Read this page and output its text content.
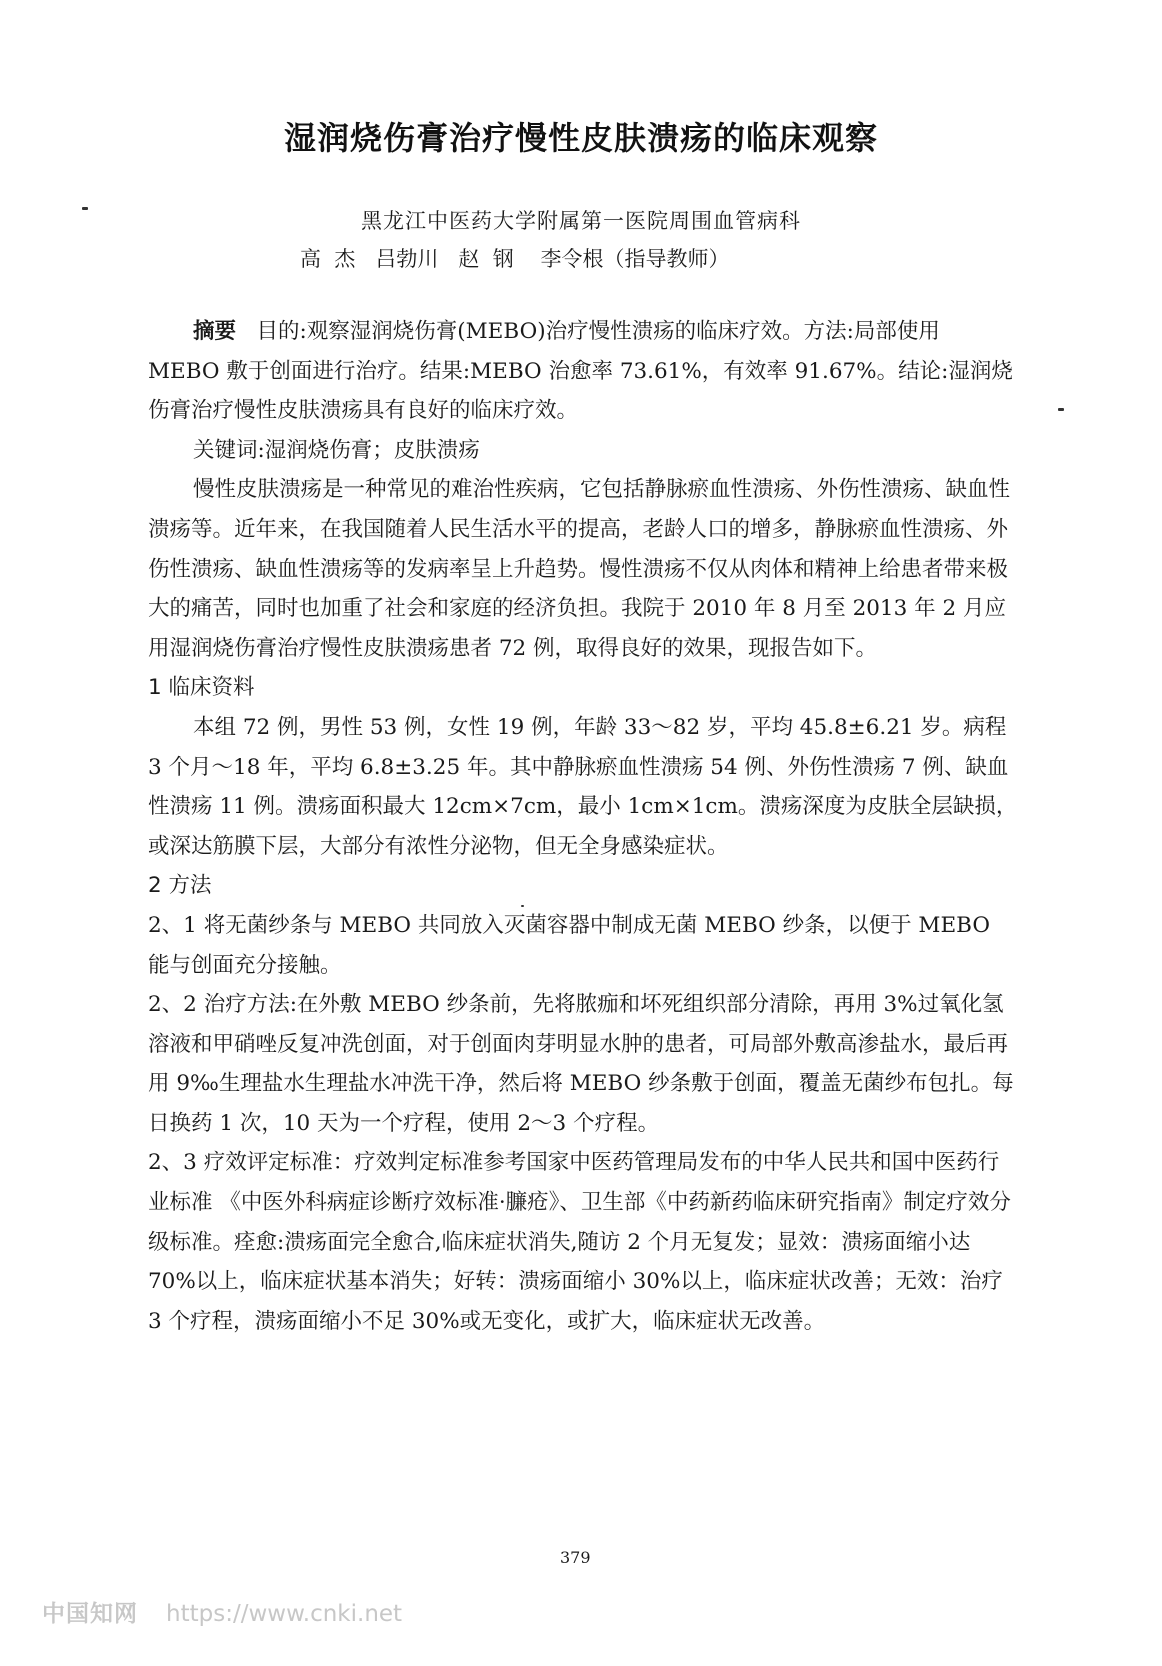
湿润烧伤膏治疗慢性皮肤溃疡的临床观察
黑龙江中医药大学附属第一医院周围血管病科
高  杰   吕勃川   赵  钢    李令根（指导教师）

摘要 目的:观察湿润烧伤膏(MEBO)治疗慢性溃疡的临床疗效。方法:局部使用 MEBO 敷于创面进行治疗。结果:MEBO 治愈率 73.61%，有效率 91.67%。结论:湿润烧伤膏治疗慢性皮肤溃疡具有良好的临床疗效。

关键词:湿润烧伤膏；皮肤溃疡

慢性皮肤溃疡是一种常见的难治性疾病，它包括静脉瘀血性溃疡、外伤性溃疡、缺血性溃疡等。近年来，在我国随着人民生活水平的提高，老龄人口的增多，静脉瘀血性溃疡、外伤性溃疡、缺血性溃疡等的发病率呈上升趋势。慢性溃疡不仅从肉体和精神上给患者带来极大的痛苦，同时也加重了社会和家庭的经济负担。我院于 2010 年 8 月至 2013 年 2 月应用湿润烧伤膏治疗慢性皮肤溃疡患者 72 例，取得良好的效果，现报告如下。

1 临床资料

本组 72 例，男性 53 例，女性 19 例，年龄 33～82 岁，平均 45.8±6.21 岁。病程 3 个月～18 年，平均 6.8±3.25 年。其中静脉瘀血性溃疡 54 例、外伤性溃疡 7 例、缺血性溃疡 11 例。溃疡面积最大 12cm×7cm，最小 1cm×1cm。溃疡深度为皮肤全层缺损，或深达筋膜下层，大部分有浓性分泌物，但无全身感染症状。

2 方法

2、1 将无菌纱条与 MEBO 共同放入灭菌容器中制成无菌 MEBO 纱条，以便于 MEBO 能与创面充分接触。

2、2 治疗方法:在外敷 MEBO 纱条前，先将脓痂和坏死组织部分清除，再用 3%过氧化氢溶液和甲硝唑反复冲洗创面，对于创面肉芽明显水肿的患者，可局部外敷高渗盐水，最后再用 9‰生理盐水生理盐水冲洗干净，然后将 MEBO 纱条敷于创面，覆盖无菌纱布包扎。每日换药 1 次，10 天为一个疗程，使用 2～3 个疗程。

2、3 疗效评定标准：疗效判定标准参考国家中医药管理局发布的中华人民共和国中医药行业标准 《中医外科病症诊断疗效标准·臁疮》、卫生部《中药新药临床研究指南》制定疗效分级标准。痊愈:溃疡面完全愈合,临床症状消失,随访 2 个月无复发；显效：溃疡面缩小达 70%以上，临床症状基本消失；好转：溃疡面缩小 30%以上，临床症状改善；无效：治疗 3 个疗程，溃疡面缩小不足 30%或无变化，或扩大，临床症状无改善。

379
中国知网 https://www.cnki.net
